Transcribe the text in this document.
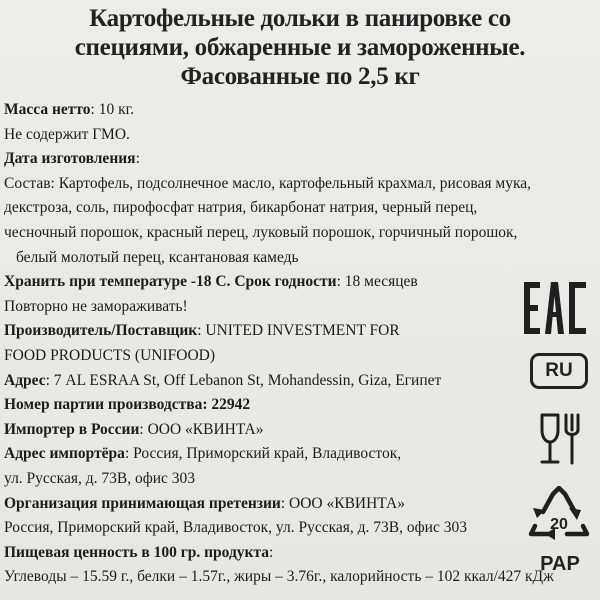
Картофельные дольки в панировке со
специями, обжаренные и замороженные.
Фасованные по 2,5 кг
Масса нетто: 10 кг.
Не содержит ГМО.
Дата изготовления:
Состав: Картофель, подсолнечное масло, картофельный крахмал, рисовая мука,
декстроза, соль, пирофосфат натрия, бикарбонат натрия, черный перец,
чесночный порошок, красный перец, луковый порошок, горчичный порошок,
белый молотый перец, ксантановая камедь
Хранить при температуре -18 С. Срок годности: 18 месяцев
Повторно не замораживать!
Производитель/Поставщик: UNITED INVESTMENT FOR
FOOD PRODUCTS (UNIFOOD)
Адрес: 7 AL ESRAA St, Off Lebanon St, Mohandessin, Giza, Египет
Номер партии производства: 22942
Импортер в России: ООО «КВИНТА»
Адрес импортёра: Россия, Приморский край, Владивосток,
ул. Русская, д. 73В, офис 303
Организация принимающая претензии: ООО «КВИНТА»
Россия, Приморский край, Владивосток, ул. Русская, д. 73В, офис 303
Пищевая ценность в 100 гр. продукта:
Углеводы – 15.59 г., белки – 1.57г., жиры – 3.76г., калорийность – 102 ккал/427 кДж
RU
20
PAP
